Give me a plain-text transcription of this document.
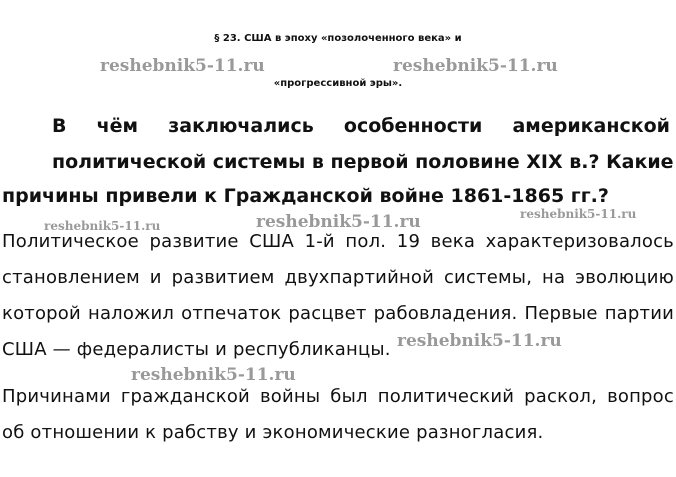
§ 23. США в эпоху «позолоченного века» и
«прогрессивной эры».
В чём заключались особенности американской
политической системы в первой половине XIX в.? Какие
причины привели к Гражданской войне 1861-1865 гг.?
Политическое развитие США 1-й пол. 19 века характеризовалось
становлением и развитием двухпартийной системы, на эволюцию
которой наложил отпечаток расцвет рабовладения. Первые партии
США — федералисты и республиканцы.
Причинами гражданской войны был политический раскол, вопрос
об отношении к рабству и экономические разногласия.
reshebnik5-11.ru	reshebnik5-11.ru
reshebnik5-11.ru	reshebnik5-11.ru	reshebnik5-11.ru
reshebnik5-11.ru
reshebnik5-11.ru
